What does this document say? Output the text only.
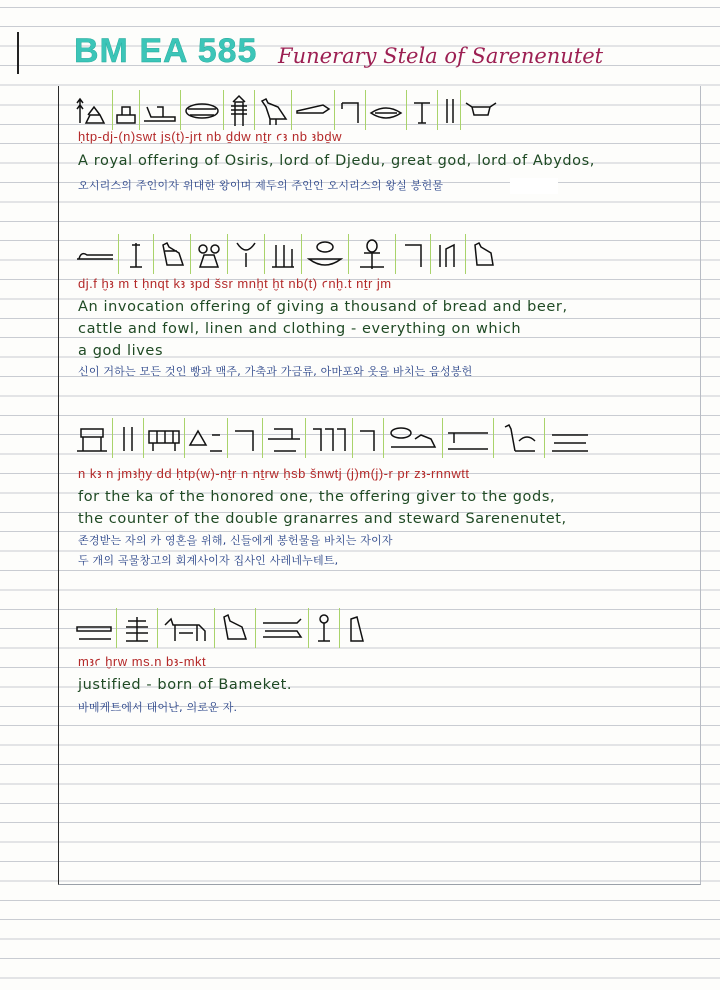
BM EA 585 Funerary Stela of Sarenenutet
ḥtp-dj-(n)swt js(t)-jrt nb ḏdw nṯr ꜥꜣ nb ꜣbḏw
A royal offering of Osiris, lord of Djedu, great god, lord of Abydos,
오시리스의 주인이자 위대한 왕이며 제두의 주인인 오시리스의 왕실 봉헌물
dj.f ḫꜣ m t ḥnqt kꜣ ꜣpd šsr mnḫt ḫt nb(t) ꜥnḫ.t nṯr jm
An invocation offering of giving a thousand of bread and beer,
cattle and fowl, linen and clothing - everything on which
a god lives
신이 거하는 모든 것인 빵과 맥주, 가축과 가금류, 아마포와 옷을 바치는 음성봉헌
n kꜣ n jmꜣḫy dd ḥtp(w)-nṯr n nṯrw ḥsb šnwtj (j)m(j)-r pr zꜣ-rnnwtt
for the ka of the honored one, the offering giver to the gods,
the counter of the double granarres and steward Sarenenutet,
존경받는 자의 카 영혼을 위해, 신들에게 봉헌물을 바치는 자이자
두 개의 곡물창고의 회계사이자 집사인 사레네누테트,
mꜣꜥ ḫrw ms.n bꜣ-mkt
justified - born of Bameket.
바메케트에서 태어난, 의로운 자.
